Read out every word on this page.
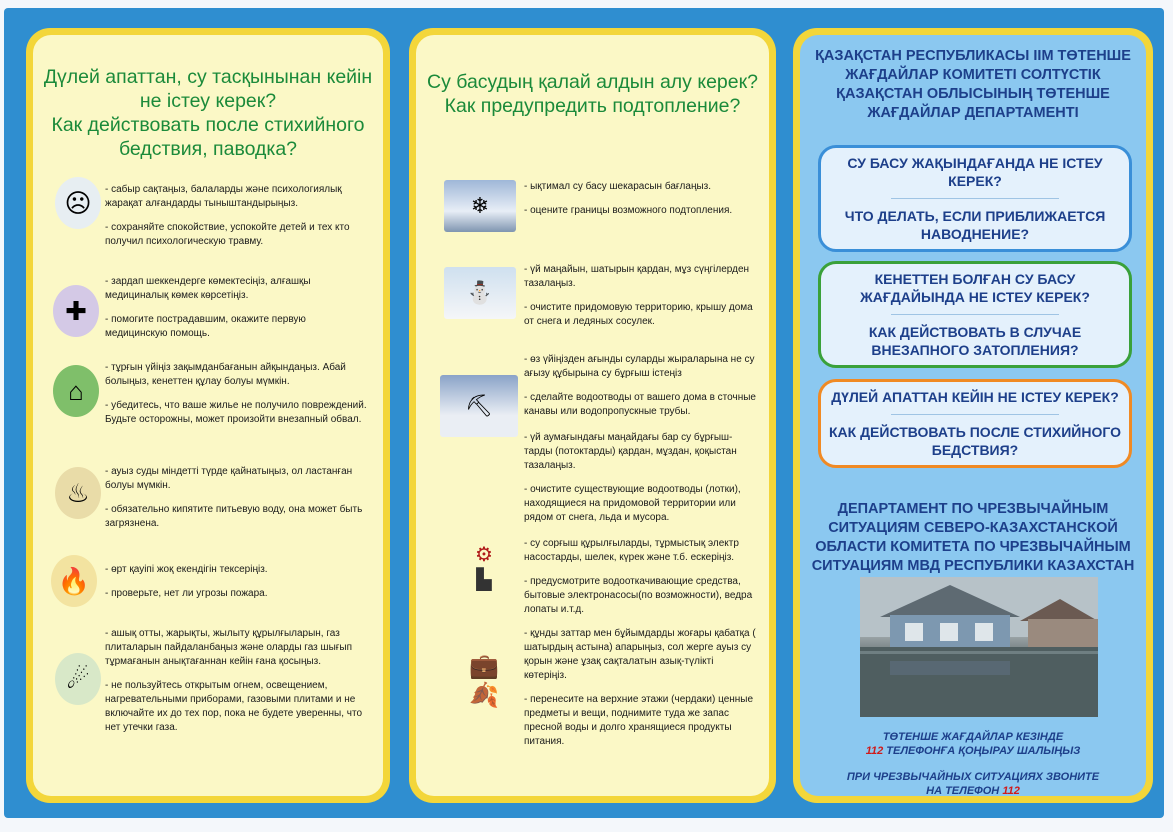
Дүлей апаттан, су тасқынынан кейін не істеу керек?
Как действовать после стихийного бедствия, паводка?
☹	- сабыр сақтаңыз, балаларды және психологиялық жарақат алғандарды тыныштандырыңыз.

- сохраняйте спокойствие, успокойте детей и тех кто получил психологическую травму.

✚

- зардап шеккендерге көмектесіңіз, алғашқы медициналық көмек көрсетіңіз.

- помогите пострадавшим, окажите первую медицинскую помощь.

⌂

- тұрғын үйіңіз зақымданбағанын айқындаңыз. Абай болыңыз, кенеттен құлау болуы мүмкін.

- убедитесь, что ваше жилье не получило повреждений. Будьте осторожны, может произойти внезапный обвал.

♨

- ауыз суды міндетті түрде қайнатыңыз, ол ластанған болуы мүмкін.

- обязательно кипятите питьевую воду, она может быть загрязнена.

🔥	- өрт қауіпі жоқ екендігін тексеріңіз.

- проверьте, нет ли угрозы пожара.

☄

- ашық отты, жарықты, жылыту құрылғыларын, газ плиталарын пайдаланбаңыз және оларды газ шығып тұрмағанын анықтағаннан кейін ғана қосыңыз.

- не пользуйтесь открытым огнем, освещением, нагревательными приборами, газовыми плитами и не включайте их до тех пор, пока не будете уверенны, что нет утечки газа.

Су басудың қалай алдын алу керек?
Как предупредить подтопление?
❄

- ықтимал су басу шекарасын бағлаңыз.

- оцените границы возможного подтопления.

⛄

- үй маңайын, шатырын қардан, мұз сүңгілерден тазалаңыз.

- очистите придомовую территорию, крышу дома от снега и ледяных сосулек.

⛏

- өз үйіңізден ағынды суларды жыраларына не су ағызу құбырына су бұрғыш істеңіз

- сделайте водоотводы от вашего дома в сточные канавы или водопропускные трубы.

- үй аумағындағы маңайдағы бар су бұрғыш-тарды (потоктарды) қардан, мұздан, қоқыстан тазалаңыз.

- очистите существующие водоотводы (лотки), находящиеся на придомовой территории или рядом от снега, льда и мусора.

⚙
▙

- су сорғыш құрылғыларды, тұрмыстық электр насостарды, шелек, күрек және т.б. ескеріңіз.

- предусмотрите водооткачивающие средства, бытовые электронасосы(по возможности), ведра лопаты и.т.д.

💼
🍂

- құнды заттар мен бұйымдарды жоғары қабатқа ( шатырдың астына) апарыңыз, сол жерге ауыз су қорын және ұзақ сақталатын азық-түлікті көтеріңіз.

- перенесите на верхние этажи (чердаки) ценные предметы и вещи, поднимите туда же запас пресной воды и долго хранящиеся продукты питания.

ҚАЗАҚСТАН РЕСПУБЛИКАСЫ ІІМ ТӨТЕНШЕ ЖАҒДАЙЛАР КОМИТЕТІ СОЛТҮСТІК ҚАЗАҚСТАН ОБЛЫСЫНЫҢ ТӨТЕНШЕ ЖАҒДАЙЛАР ДЕПАРТАМЕНТІ
СУ БАСУ ЖАҚЫНДАҒАНДА НЕ ІСТЕУ КЕРЕК?
ЧТО ДЕЛАТЬ, ЕСЛИ ПРИБЛИЖАЕТСЯ НАВОДНЕНИЕ?
КЕНЕТТЕН БОЛҒАН СУ БАСУ ЖАҒДАЙЫНДА НЕ ІСТЕУ КЕРЕК?
КАК ДЕЙСТВОВАТЬ В СЛУЧАЕ ВНЕЗАПНОГО ЗАТОПЛЕНИЯ?
ДҮЛЕЙ АПАТТАН КЕЙІН НЕ ІСТЕУ КЕРЕК?
КАК ДЕЙСТВОВАТЬ ПОСЛЕ СТИХИЙНОГО БЕДСТВИЯ?
ДЕПАРТАМЕНТ ПО ЧРЕЗВЫЧАЙНЫМ СИТУАЦИЯМ СЕВЕРО-КАЗАХСТАНСКОЙ ОБЛАСТИ КОМИТЕТА ПО ЧРЕЗВЫЧАЙНЫМ СИТУАЦИЯМ МВД РЕСПУБЛИКИ КАЗАХСТАН
ТӨТЕНШЕ ЖАҒДАЙЛАР КЕЗІНДЕ
112 ТЕЛЕФОНҒА ҚОҢЫРАУ ШАЛЫҢЫЗ
ПРИ ЧРЕЗВЫЧАЙНЫХ СИТУАЦИЯХ ЗВОНИТЕ
НА ТЕЛЕФОН 112
